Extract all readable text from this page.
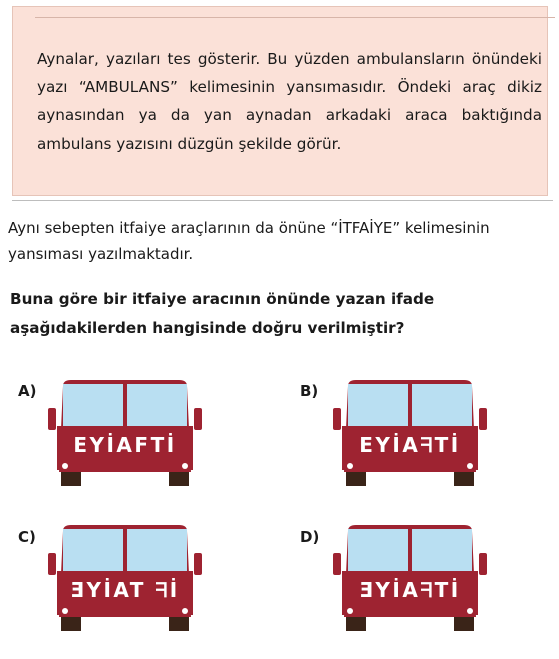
Aynalar, yazıları tes gösterir. Bu yüzden ambulansların önündeki yazı “AMBULANS” kelimesinin yansımasıdır. Öndeki araç dikiz aynasından ya da yan aynadan arkadaki araca baktığında ambulans yazısını düzgün şekilde görür.

Aynı sebepten itfaiye araçlarının da önüne “İTFAİYE” kelimesinin yansıması yazılmaktadır.

Buna göre bir itfaiye aracının önünde yazan ifade aşağıdakilerden hangisinde doğru verilmiştir?

A)
EYİAFTİ
B)
EYİAᖷTİ
C)
ƎYİAT ᖷİ
D)
ƎYİAᖷTİ
